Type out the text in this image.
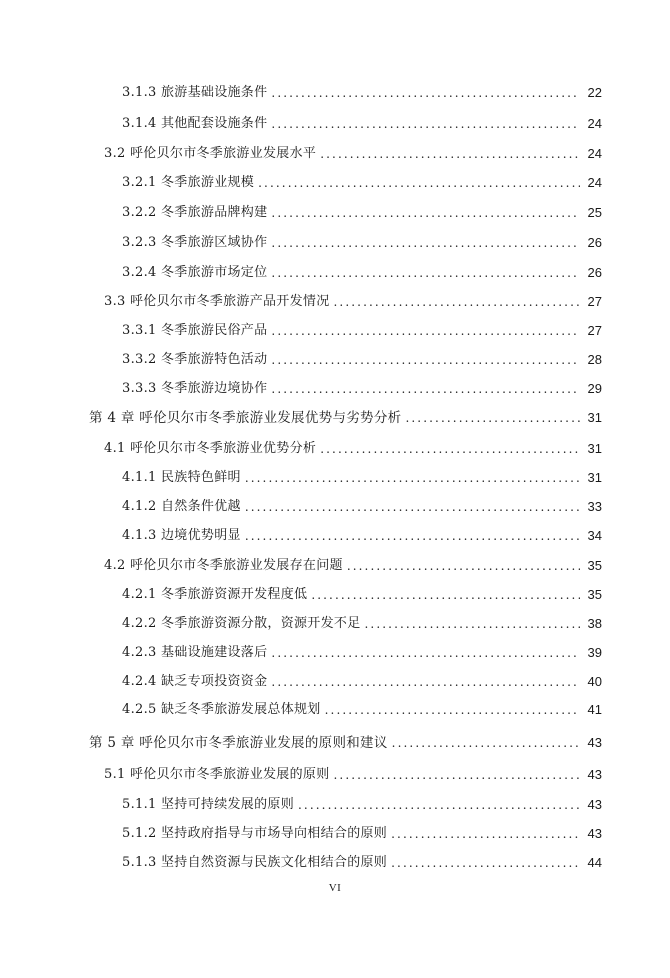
3.1.3 旅游基础设施条件 .....	22
3.1.4 其他配套设施条件 .....	24
3.2 呼伦贝尔市冬季旅游业发展水平 .....	24
3.2.1 冬季旅游业规模 .....	24
3.2.2 冬季旅游品牌构建 .....	25
3.2.3 冬季旅游区域协作 .....	26
3.2.4 冬季旅游市场定位 .....	26
3.3 呼伦贝尔市冬季旅游产品开发情况 .....	27
3.3.1 冬季旅游民俗产品 .....	27
3.3.2 冬季旅游特色活动 .....	28
3.3.3 冬季旅游边境协作 .....	29
第 4 章 呼伦贝尔市冬季旅游业发展优势与劣势分析 .....	31
4.1 呼伦贝尔市冬季旅游业优势分析 .....	31
4.1.1 民族特色鲜明 .....	31
4.1.2 自然条件优越 .....	33
4.1.3 边境优势明显 .....	34
4.2 呼伦贝尔市冬季旅游业发展存在问题 .....	35
4.2.1 冬季旅游资源开发程度低 .....	35
4.2.2 冬季旅游资源分散，资源开发不足 .....	38
4.2.3 基础设施建设落后 .....	39
4.2.4 缺乏专项投资资金 .....	40
4.2.5 缺乏冬季旅游发展总体规划 .....	41
第 5 章 呼伦贝尔市冬季旅游业发展的原则和建议 .....	43
5.1 呼伦贝尔市冬季旅游业发展的原则 .....	43
5.1.1 坚持可持续发展的原则 .....	43
5.1.2 坚持政府指导与市场导向相结合的原则 .....	43
5.1.3 坚持自然资源与民族文化相结合的原则 .....	44
VI
